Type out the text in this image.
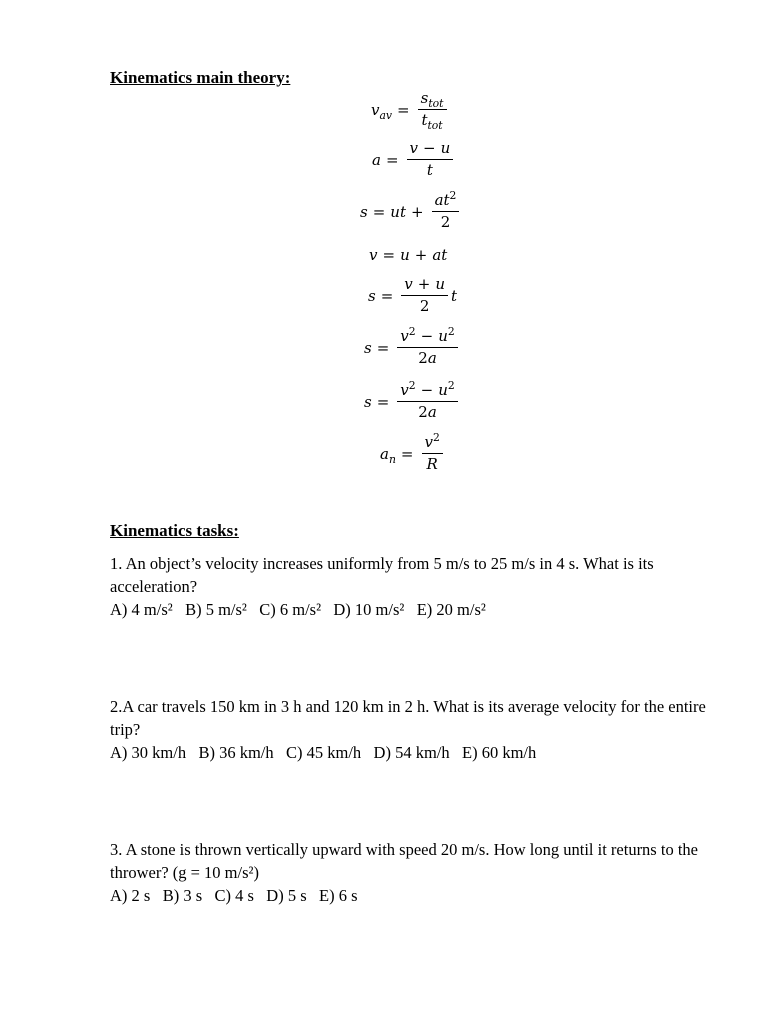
Kinematics main theory:
$v_{av} = \frac{s_{tot}}{t_{tot}}$
$a = \frac{v - u}{t}$
s = ut + $\frac{at^2}{2}$
v = u + at
$s = \frac{v + u}{2}$ t
$s = \frac{v^2 - u^2}{2a}$
$s = \frac{v^2 - u^2}{2a}$
$a_n = \frac{v^2}{R}$
Kinematics tasks:

1. An object’s velocity increases uniformly from 5 m/s to 25 m/s in 4 s. What is its acceleration?

A) 4 m/s²   B) 5 m/s²   C) 6 m/s²   D) 10 m/s²   E) 20 m/s²

2.A car travels 150 km in 3 h and 120 km in 2 h. What is its average velocity for the entire trip?

A) 30 km/h   B) 36 km/h   C) 45 km/h   D) 54 km/h   E) 60 km/h

3. A stone is thrown vertically upward with speed 20 m/s. How long until it returns to the thrower? (g = 10 m/s²)

A) 2 s   B) 3 s   C) 4 s   D) 5 s   E) 6 s
